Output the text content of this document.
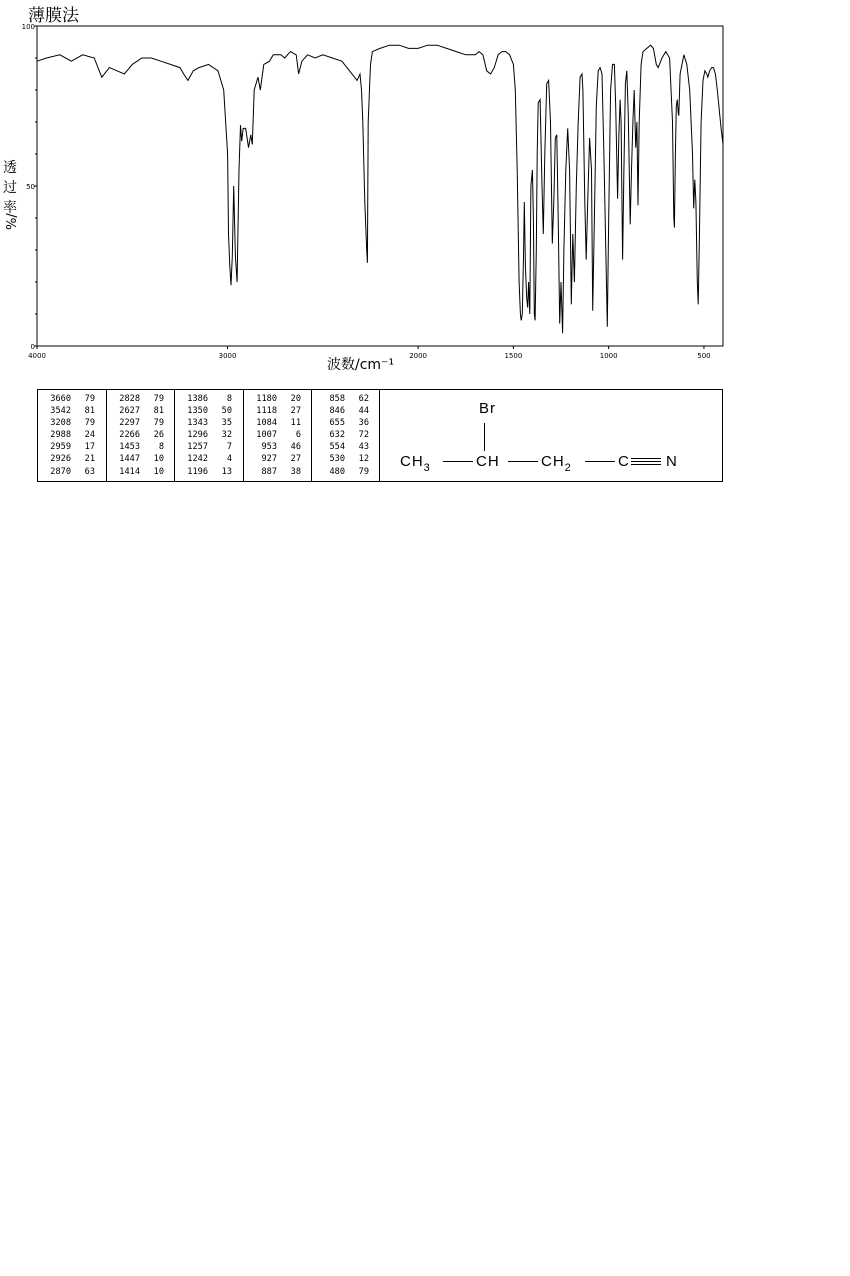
薄膜法
0
50
100
4000	3000	2000	1500	1000	500
透
过
率
%/
波数/cm⁻¹
3660	79
3542	81
3208	79
2988	24
2959	17
2926	21
2870	63
2828	79
2627	81
2297	79
2266	26
1453	8
1447	10
1414	10
1386	8
1350	50
1343	35
1296	32
1257	7
1242	4
1196	13
1180	20
1118	27
1084	11
1007	6
953	46
927	27
887	38
858	62
846	44
655	36
632	72
554	43
530	12
480	79
Br
$CH_3$	CH	$CH_2$	C N
